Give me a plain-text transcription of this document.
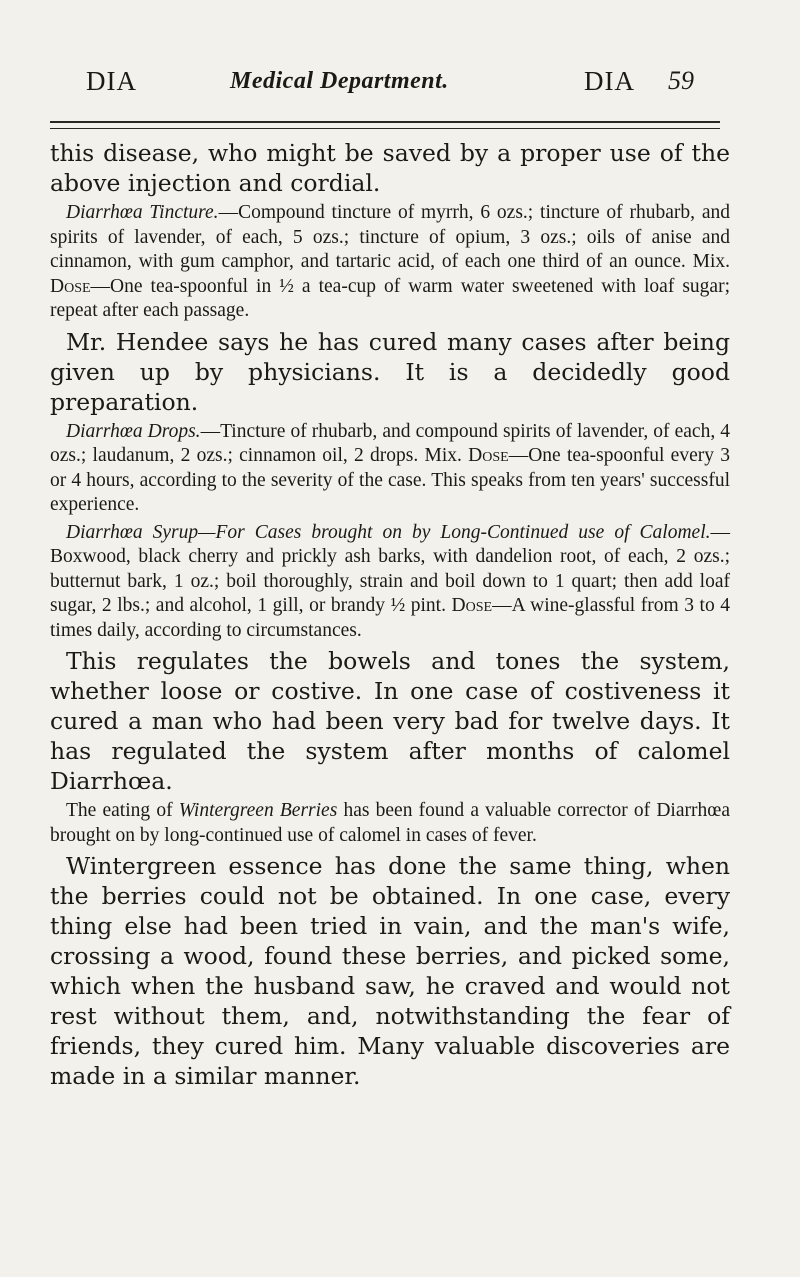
DIA	Medical Department.	DIA 59

this disease, who might be saved by a proper use of the above injection and cordial.

Diarrhœa Tincture.—Compound tincture of myrrh, 6 ozs.; tincture of rhubarb, and spirits of lavender, of each, 5 ozs.; tincture of opium, 3 ozs.; oils of anise and cinnamon, with gum camphor, and tartaric acid, of each one third of an ounce. Mix. Dose—One tea-spoonful in ½ a tea-cup of warm water sweetened with loaf sugar; repeat after each passage.

Mr. Hendee says he has cured many cases after being given up by physicians. It is a decidedly good preparation.

Diarrhœa Drops.—Tincture of rhubarb, and compound spirits of lavender, of each, 4 ozs.; laudanum, 2 ozs.; cinnamon oil, 2 drops. Mix. Dose—One tea-spoonful every 3 or 4 hours, according to the severity of the case. This speaks from ten years' successful experience.

Diarrhœa Syrup—For Cases brought on by Long-Continued use of Calomel.—Boxwood, black cherry and prickly ash barks, with dandelion root, of each, 2 ozs.; butternut bark, 1 oz.; boil thoroughly, strain and boil down to 1 quart; then add loaf sugar, 2 lbs.; and alcohol, 1 gill, or brandy ½ pint. Dose—A wine-glassful from 3 to 4 times daily, according to circumstances.

This regulates the bowels and tones the system, whether loose or costive. In one case of costiveness it cured a man who had been very bad for twelve days. It has regulated the system after months of calomel Diarrhœa.

The eating of Wintergreen Berries has been found a valuable corrector of Diarrhœa brought on by long-continued use of calomel in cases of fever.

Wintergreen essence has done the same thing, when the berries could not be obtained. In one case, every thing else had been tried in vain, and the man's wife, crossing a wood, found these berries, and picked some, which when the husband saw, he craved and would not rest without them, and, notwithstanding the fear of friends, they cured him. Many valuable discoveries are made in a similar manner.
